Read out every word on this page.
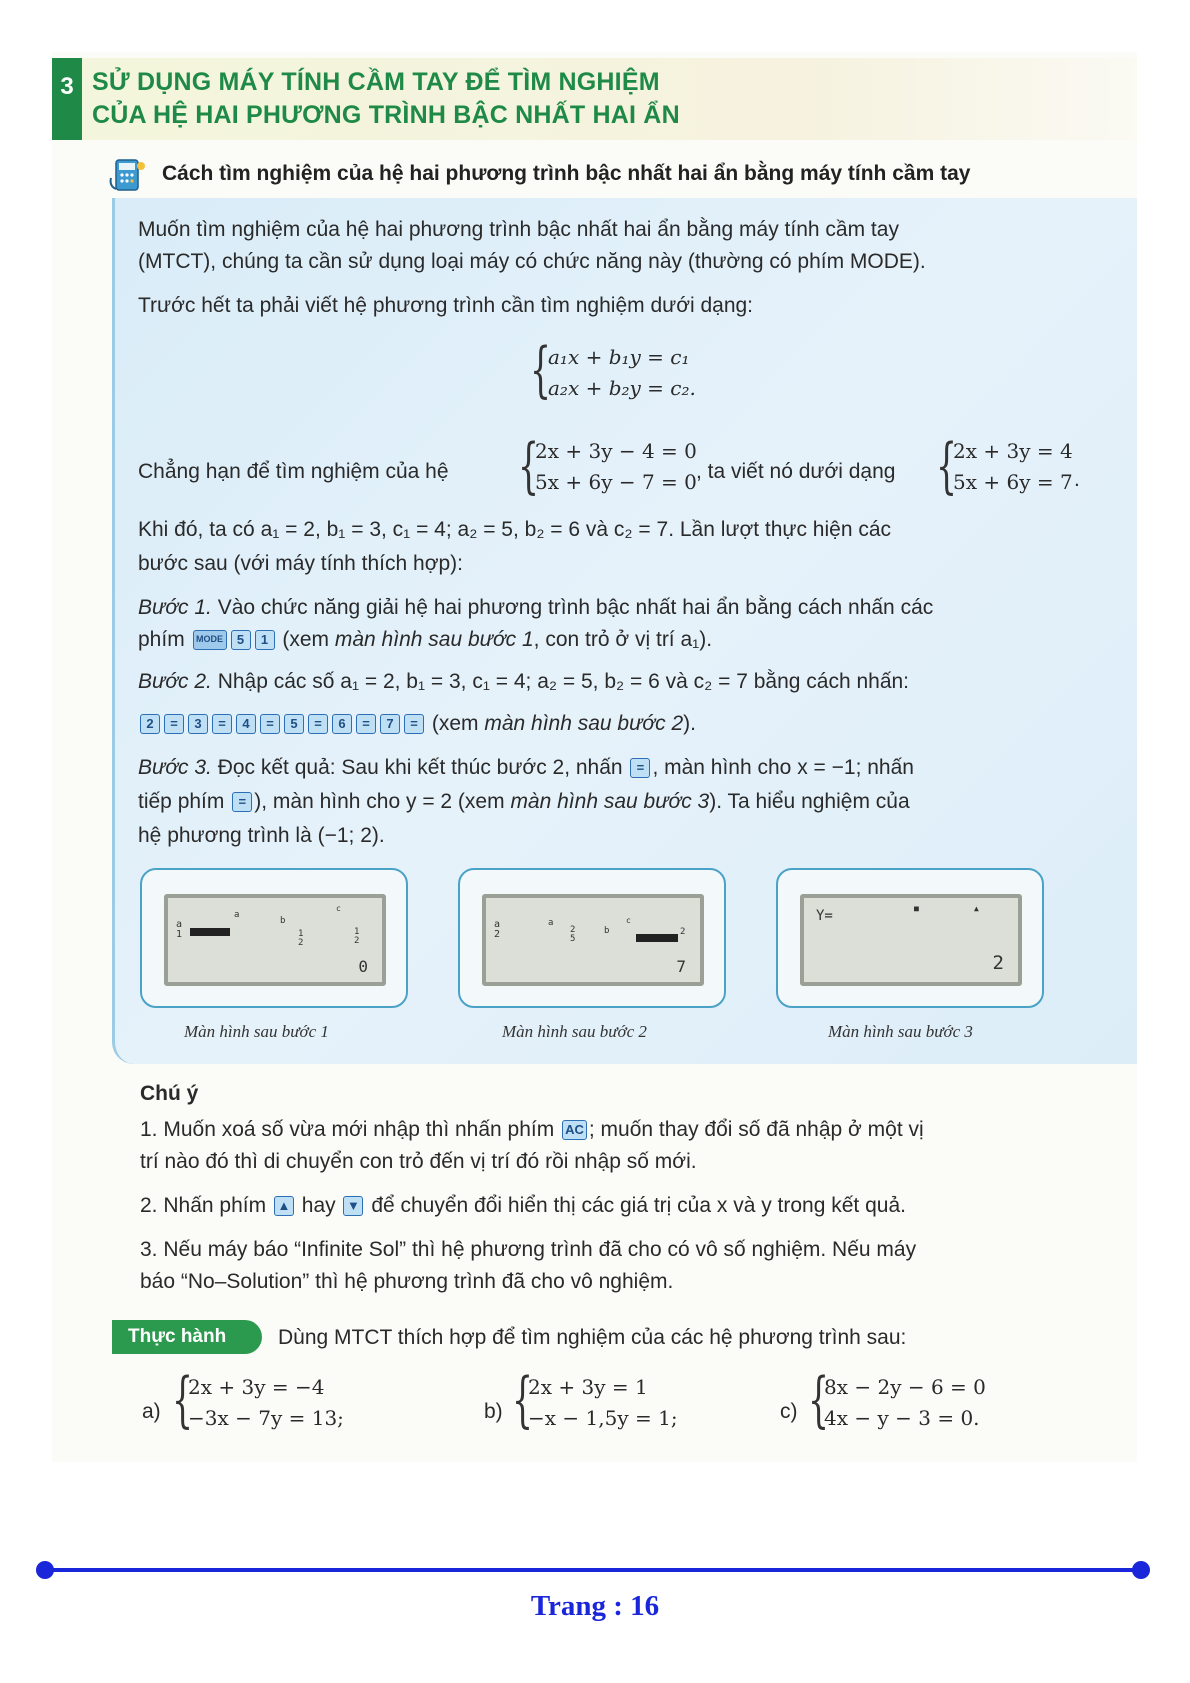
3 SỬ DỤNG MÁY TÍNH CẦM TAY ĐỂ TÌM NGHIỆM
CỦA HỆ HAI PHƯƠNG TRÌNH BẬC NHẤT HAI ẨN
Cách tìm nghiệm của hệ hai phương trình bậc nhất hai ẩn bằng máy tính cầm tay
Muốn tìm nghiệm của hệ hai phương trình bậc nhất hai ẩn bằng máy tính cầm tay
(MTCT), chúng ta cần sử dụng loại máy có chức năng này (thường có phím MODE).
Trước hết ta phải viết hệ phương trình cần tìm nghiệm dưới dạng:
{
a₁x + b₁y = c₁
a₂x + b₂y = c₂.
Chẳng hạn để tìm nghiệm của hệ {
2x + 3y − 4 = 0
5x + 6y − 7 = 0 , ta viết nó dưới dạng {
2x + 3y = 4
5x + 6y = 7 .
Khi đó, ta có a₁ = 2, b₁ = 3, c₁ = 4; a₂ = 5, b₂ = 6 và c₂ = 7. Lần lượt thực hiện các
bước sau (với máy tính thích hợp):
Bước 1. Vào chức năng giải hệ hai phương trình bậc nhất hai ẩn bằng cách nhấn các
phím MODE 5 1 (xem màn hình sau bước 1, con trỏ ở vị trí a₁).
Bước 2. Nhập các số a₁ = 2, b₁ = 3, c₁ = 4; a₂ = 5, b₂ = 6 và c₂ = 7 bằng cách nhấn:
2 = 3 = 4 = 5 = 6 = 7 = (xem màn hình sau bước 2).
Bước 3. Đọc kết quả: Sau khi kết thúc bước 2, nhấn = , màn hình cho x = −1; nhấn
tiếp phím = ), màn hình cho y = 2 (xem màn hình sau bước 3). Ta hiểu nghiệm của
hệ phương trình là (−1; 2).
a
1
a
b
1
2
c
1
2
0
a
2
a
2
5
b
c
2
7
Y=	■	▲
2
Màn hình sau bước 1	Màn hình sau bước 2	Màn hình sau bước 3
Chú ý
1. Muốn xoá số vừa mới nhập thì nhấn phím AC ; muốn thay đổi số đã nhập ở một vị
trí nào đó thì di chuyển con trỏ đến vị trí đó rồi nhập số mới.
2. Nhấn phím ▲ hay ▼ để chuyển đổi hiển thị các giá trị của x và y trong kết quả.
3. Nếu máy báo “Infinite Sol” thì hệ phương trình đã cho có vô số nghiệm. Nếu máy
báo “No–Solution” thì hệ phương trình đã cho vô nghiệm.
Thực hành	Dùng MTCT thích hợp để tìm nghiệm của các hệ phương trình sau:
a) {
2x + 3y = −4
−3x − 7y = 13;	b) {
2x + 3y = 1
−x − 1,5y = 1;	c) {
8x − 2y − 6 = 0
4x − y − 3 = 0.
Trang : 16
